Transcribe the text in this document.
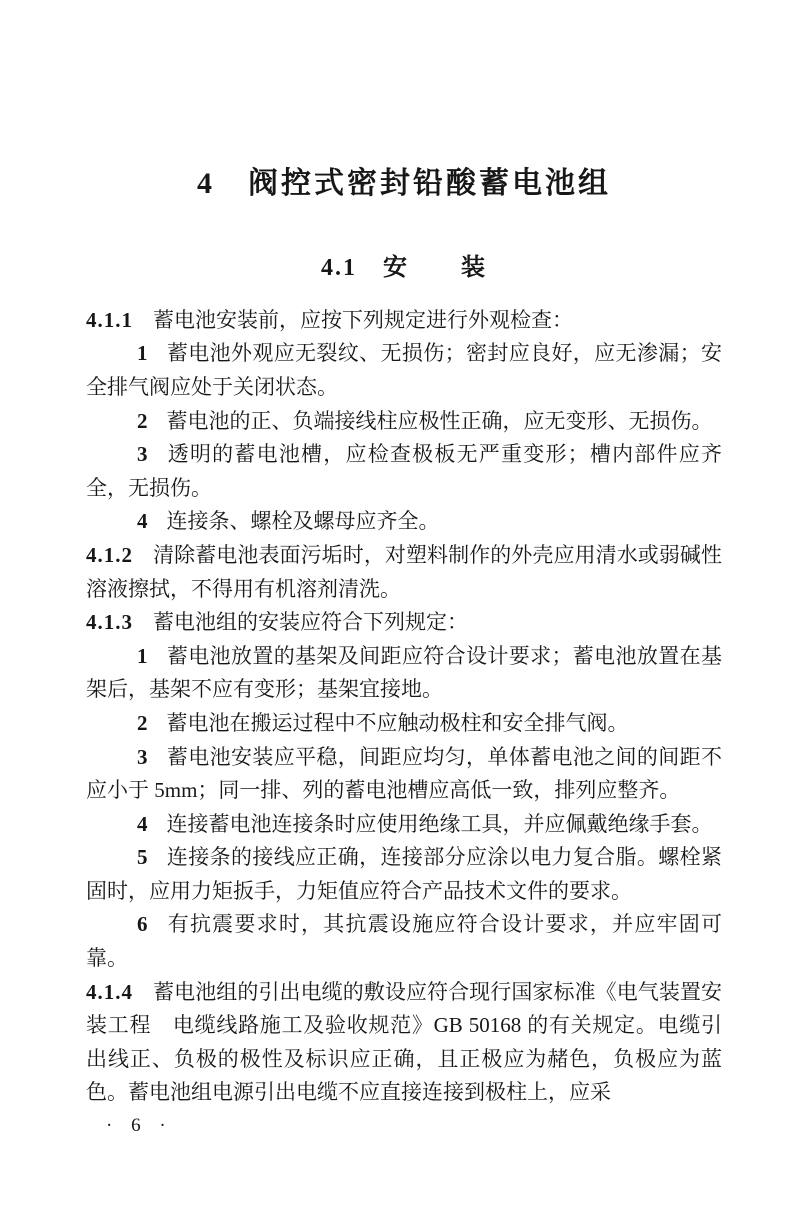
4　阀控式密封铅酸蓄电池组
4.1　安　　装

4.1.1 蓄电池安装前，应按下列规定进行外观检查：

1 蓄电池外观应无裂纹、无损伤；密封应良好，应无渗漏；安全排气阀应处于关闭状态。

2 蓄电池的正、负端接线柱应极性正确，应无变形、无损伤。

3 透明的蓄电池槽，应检查极板无严重变形；槽内部件应齐全，无损伤。

4 连接条、螺栓及螺母应齐全。

4.1.2 清除蓄电池表面污垢时，对塑料制作的外壳应用清水或弱碱性溶液擦拭，不得用有机溶剂清洗。

4.1.3 蓄电池组的安装应符合下列规定：

1 蓄电池放置的基架及间距应符合设计要求；蓄电池放置在基架后，基架不应有变形；基架宜接地。

2 蓄电池在搬运过程中不应触动极柱和安全排气阀。

3 蓄电池安装应平稳，间距应均匀，单体蓄电池之间的间距不应小于 5mm；同一排、列的蓄电池槽应高低一致，排列应整齐。

4 连接蓄电池连接条时应使用绝缘工具，并应佩戴绝缘手套。

5 连接条的接线应正确，连接部分应涂以电力复合脂。螺栓紧固时，应用力矩扳手，力矩值应符合产品技术文件的要求。

6 有抗震要求时，其抗震设施应符合设计要求，并应牢固可靠。

4.1.4 蓄电池组的引出电缆的敷设应符合现行国家标准《电气装置安装工程　电缆线路施工及验收规范》GB 50168 的有关规定。电缆引出线正、负极的极性及标识应正确，且正极应为赭色，负极应为蓝色。蓄电池组电源引出电缆不应直接连接到极柱上，应采

· 6 ·
